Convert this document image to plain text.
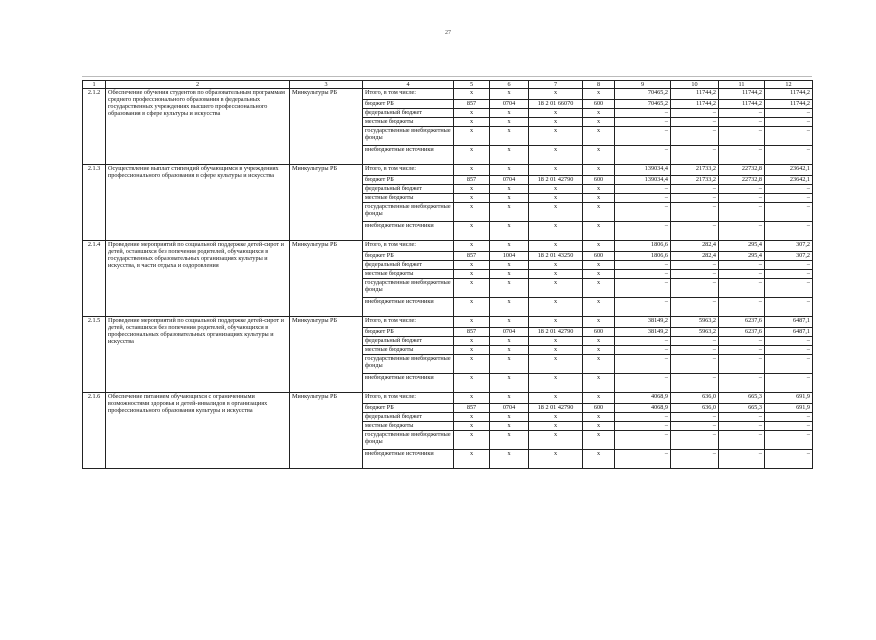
27
1	2	3	4	5	6	7	8	9	10	11	12
2.1.2	Обеспечение обучения студентов по образовательным программам среднего профессионального образования в федеральных государственных учреждениях высшего профессионального образования в сфере культуры и искусства	Минкультуры РБ	Итого, в том числе:	x	x	x	x	70465,2	11744,2	11744,2	11744,2
			бюджет РБ	857	0704	18 2 01 66070	600	70465,2	11744,2	11744,2	11744,2
			федеральный бюджет	x	x	x	x	–	–	–	–
			местные бюджеты	x	x	x	x	–	–	–	–
			государственные внебюджетные фонды	x	x	x	x	–	–	–	–
			внебюджетные источники	x	x	x	x	–	–	–	–
2.1.3	Осуществление выплат стипендий обучающимся в учреждениях профессионального образования в сфере культуры и искусства	Минкультуры РБ	Итого, в том числе:	x	x	x	x	139034,4	21733,2	22732,8	23642,1
			бюджет РБ	857	0704	18 2 01 42790	600	139034,4	21733,2	22732,8	23642,1
			федеральный бюджет	x	x	x	x	–	–	–	–
			местные бюджеты	x	x	x	x	–	–	–	–
			государственные внебюджетные фонды	x	x	x	x	–	–	–	–
			внебюджетные источники	x	x	x	x	–	–	–	–
2.1.4	Проведение мероприятий по социальной поддержке детей-сирот и детей, оставшихся без попечения родителей, обучающихся в государственных образовательных организациях культуры и искусства, в части отдыха и оздоровления	Минкультуры РБ	Итого, в том числе:	x	x	x	x	1806,6	282,4	295,4	307,2
			бюджет РБ	857	1004	18 2 01 43250	600	1806,6	282,4	295,4	307,2
			федеральный бюджет	x	x	x	x	–	–	–	–
			местные бюджеты	x	x	x	x	–	–	–	–
			государственные внебюджетные фонды	x	x	x	x	–	–	–	–
			внебюджетные источники	x	x	x	x	–	–	–	–
2.1.5	Проведение мероприятий по социальной поддержке детей-сирот и детей, оставшихся без попечения родителей, обучающихся в профессиональных образовательных организациях культуры и искусства	Минкультуры РБ	Итого, в том числе:	x	x	x	x	38149,2	5963,2	6237,6	6487,1
			бюджет РБ	857	0704	18 2 01 42790	600	38149,2	5963,2	6237,6	6487,1
			федеральный бюджет	x	x	x	x	–	–	–	–
			местные бюджеты	x	x	x	x	–	–	–	–
			государственные внебюджетные фонды	x	x	x	x	–	–	–	–
			внебюджетные источники	x	x	x	x	–	–	–	–
2.1.6	Обеспечение питанием обучающихся с ограниченными возможностями здоровья и детей-инвалидов в организациях профессионального образования культуры и искусства	Минкультуры РБ	Итого, в том числе:	x	x	x	x	4068,9	636,0	665,3	691,9
			бюджет РБ	857	0704	18 2 01 42790	600	4068,9	636,0	665,3	691,9
			федеральный бюджет	x	x	x	x	–	–	–	–
			местные бюджеты	x	x	x	x	–	–	–	–
			государственные внебюджетные фонды	x	x	x	x	–	–	–	–
			внебюджетные источники	x	x	x	x	–	–	–	–
